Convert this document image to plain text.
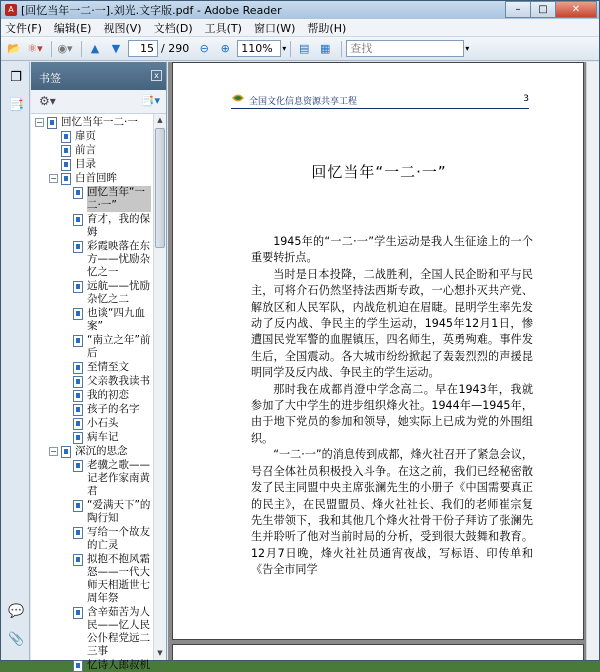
A [回忆当年一二·一].刘光.文字版.pdf - Adobe Reader	–	□	✕
文件(F) 编辑(E) 视图(V) 文档(D) 工具(T) 窗口(W) 帮助(H)
📂 ⚛▾ ◉▾	▲	▼
15	/ 290 ⊖	⊕
110%	▾	▤ ▦
查找	▾
❐
📑
💬
📎
书签	x
⚙▾	📑▾
− 回忆当年一二·一
扉页
前言
目录
− 白首回眸
回忆当年“一二·一”
育才，我的保姆
彩霞映落在东方——忧励杂忆之一
远航——忧励杂忆之二
也谈“四九血案”
“南立之年”前后
至情至文
父亲教我读书
我的初恋
孩子的名字
小石头
病车记
− 深沉的思念
老骥之歌——记老作家南黄君
“爱满天下”的陶行知
写给一个故友的亡灵
拟抱不抱风霜怒——一代大师天相逝世七周年祭
含辛茹苦为人民——忆人民公仆程党远二三事
忆诗人郎叔机
▲
▼
全国文化信息资源共享工程	3
回忆当年“一二·一”

1945年的“一二·一”学生运动是我人生征途上的一个重要转折点。

当时是日本投降，二战胜利，全国人民企盼和平与民主，可将介石仍然坚持法西斯专政，一心想扑灭共产党、解放区和人民军队，内战危机迫在眉睫。昆明学生率先发动了反内战、争民主的学生运动，1945年12月1日，惨遭国民党军警的血腥镇压，四名师生，英勇殉难。事件发生后，全国震动。各大城市纷纷掀起了轰轰烈烈的声援昆明同学及反内战、争民主的学生运动。

那时我在成都肖澄中学念高二。早在1943年，我就参加了大中学生的进步组织烽火社。1944年—1945年，由于地下党员的参加和领导，她实际上已成为党的外围组织。

“一二·一”的消息传到成都，烽火社召开了紧急会议，号召全体社员积极投入斗争。在这之前，我们已经秘密散发了民主同盟中央主席张澜先生的小册子《中国需要真正的民主》，在民盟盟员、烽火社社长、我们的老师崔宗复先生带领下，我和其他几个烽火社骨干份子拜访了张澜先生并聆听了他对当前时局的分析，受到很大鼓舞和教育。12月7日晚，烽火社社员通宵夜战，写标语、印传单和《告全市同学
